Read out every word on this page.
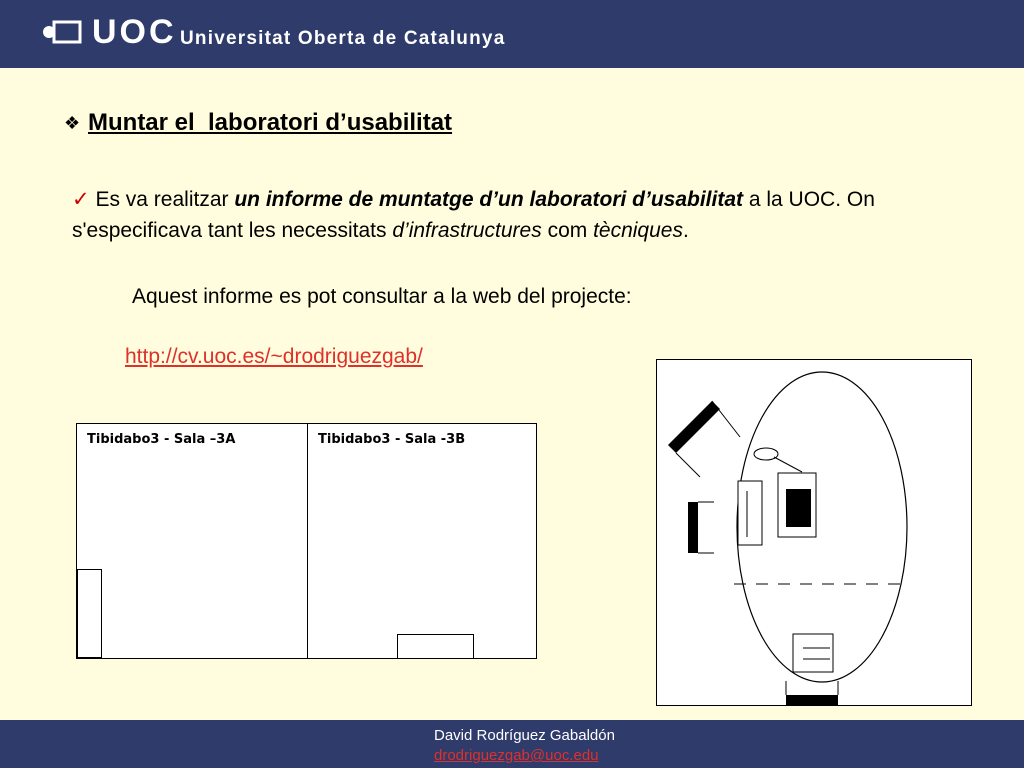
UOC Universitat Oberta de Catalunya
❖ Muntar el  laboratori d’usabilitat
✓ Es va realitzar un informe de muntatge d’un laboratori d’usabilitat a la UOC. On s'especificava tant les necessitats d’infrastructures com tècniques.
Aquest informe es pot consultar a la web del projecte:
http://cv.uoc.es/~drodriguezgab/
Tibidabo3 - Sala –3A	Tibidabo3 - Sala -3B
David Rodríguez Gabaldón
drodriguezgab@uoc.edu
